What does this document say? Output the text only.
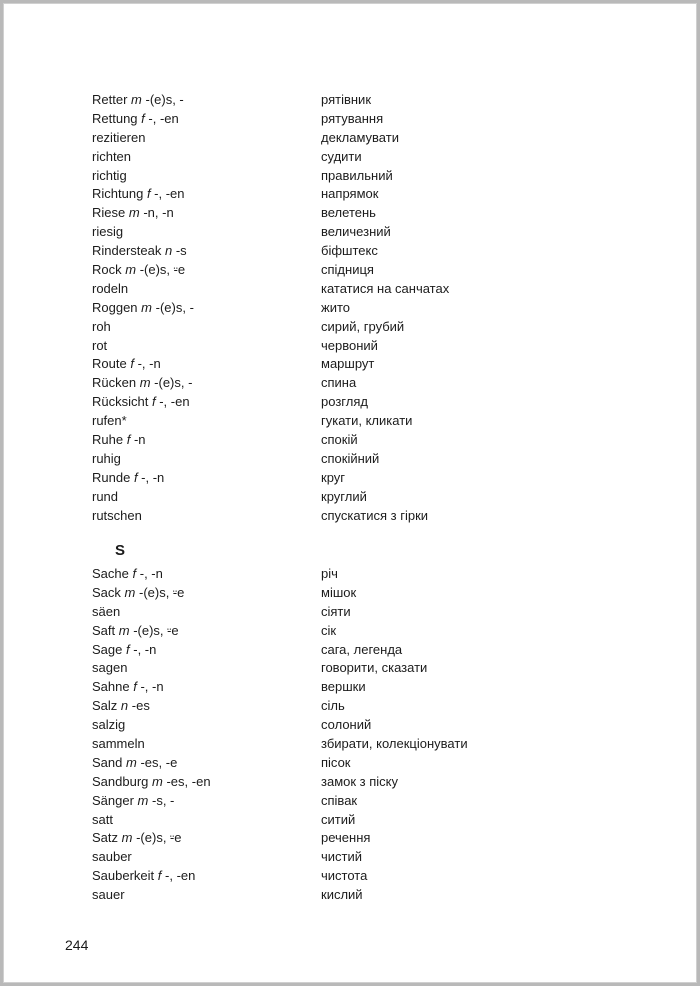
Retter m -(e)s, -	рятівник
Rettung f -, -en	рятування
rezitieren	декламувати
richten	судити
richtig	правильний
Richtung f -, -en	напрямок
Riese m -n, -n	велетень
riesig	величезний
Rindersteak n -s	біфштекс
Rock m -(e)s, ⸚e	спідниця
rodeln	кататися на санчатах
Roggen m -(e)s, -	жито
roh	сирий, грубий
rot	червоний
Route f -, -n	маршрут
Rücken m -(e)s, -	спина
Rücksicht f -, -en	розгляд
rufen*	гукати, кликати
Ruhe f -n	спокій
ruhig	спокійний
Runde f -, -n	круг
rund	круглий
rutschen	спускатися з гірки
S
Sache f -, -n	річ
Sack m -(e)s, ⸚e	мішок
säen	сіяти
Saft m -(e)s, ⸚e	сік
Sage f -, -n	сага, легенда
sagen	говорити, сказати
Sahne f -, -n	вершки
Salz n -es	сіль
salzig	солоний
sammeln	збирати, колекціонувати
Sand m -es, -e	пісок
Sandburg m -es, -en	замок з піску
Sänger m -s, -	співак
satt	ситий
Satz m -(e)s, ⸚e	речення
sauber	чистий
Sauberkeit f -, -en	чистота
sauer	кислий
244
